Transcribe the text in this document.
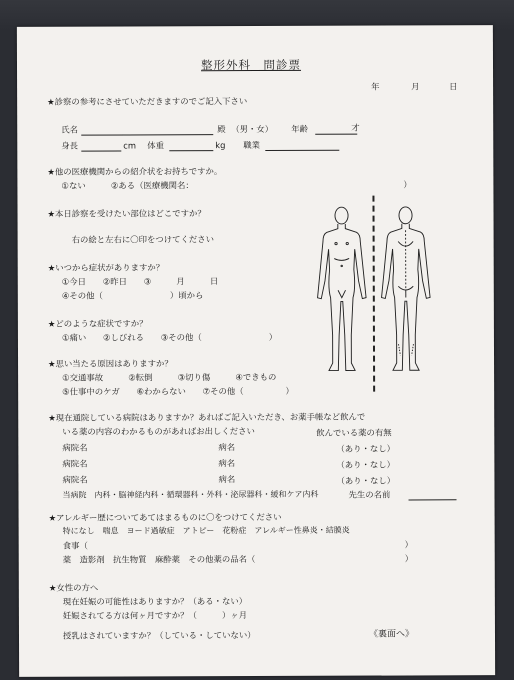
整形外科　問診票
年	月	日
★診察の参考にさせていただきますのでご記入下さい
氏名	殿 （男・女） 年齢	才
身長	cm 体重	kg 職業
★他の医療機関からの紹介状をお持ちですか。
①ない　　　②ある（医療機関名：	）
★本日診察を受けたい部位はどこですか？
右の絵と左右に〇印をつけてください
★いつから症状がありますか？
①今日　　②昨日　　③　　　月　　　日
④その他（　　　　　　　　）頃から
★どのような症状ですか？
①痛い　　②しびれる　　③その他（　　　　　　　　）
★思い当たる原因はありますか？
①交通事故　　　②転倒　　　③切り傷　　　④できもの
⑤仕事中のケガ　　⑥わからない　　⑦その他（　　　　　）
★現在通院している病院はありますか？あればご記入いただき、お薬手帳など飲んで
いる薬の内容のわかるものがあればお出しください	飲んでいる薬の有無
病院名	病名	（あり・なし）
病院名	病名	（あり・なし）
病院名	病名	（あり・なし）
当病院　内科・脳神経内科・循環器科・外科・泌尿器科・緩和ケア内科	先生の名前
★アレルギー歴についてあてはまるものに〇をつけてください
特になし　喘息　ヨード過敏症　アトピー　花粉症　アレルギー性鼻炎・結膜炎
食事（	）
薬　造影剤　抗生物質　麻酔薬　その他薬の品名（	）
★女性の方へ
現在妊娠の可能性はありますか？（ある・ない）
妊娠されてる方は何ヶ月ですか？（　　　）ヶ月
授乳はされていますか？（している・していない）	《裏面へ》
